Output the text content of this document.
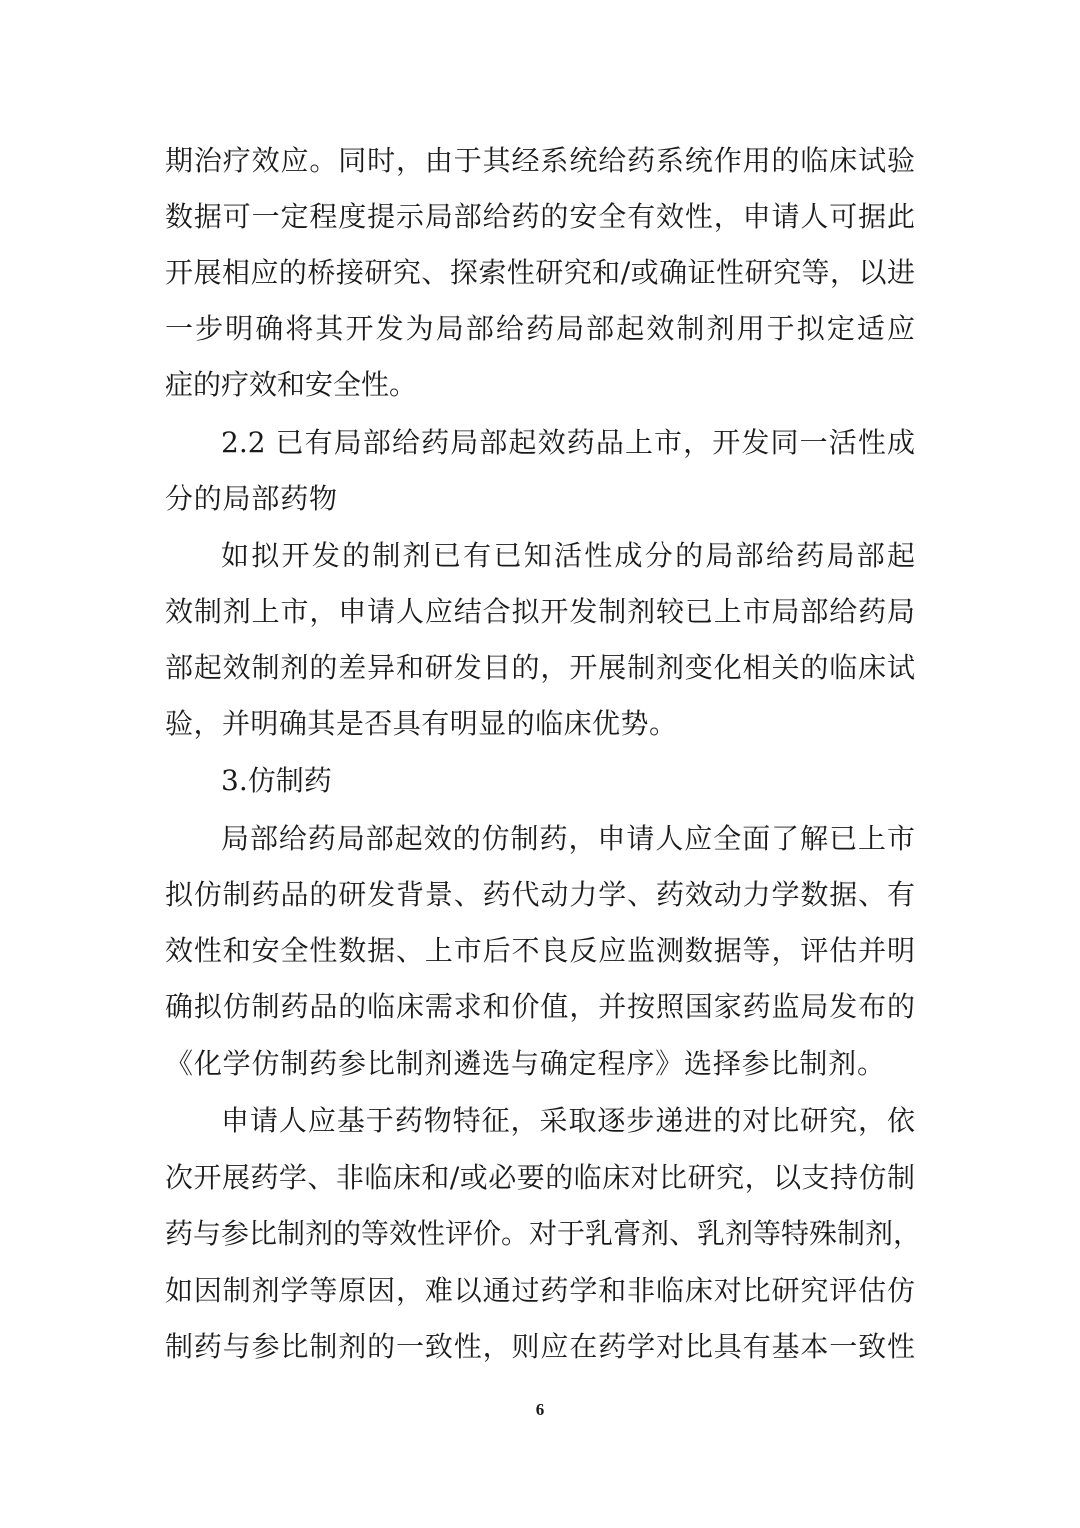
期治疗效应。同时，由于其经系统给药系统作用的临床试验
数据可一定程度提示局部给药的安全有效性，申请人可据此
开展相应的桥接研究、探索性研究和/或确证性研究等，以进
一步明确将其开发为局部给药局部起效制剂用于拟定适应
症的疗效和安全性。
2.2 已有局部给药局部起效药品上市，开发同一活性成
分的局部药物
如拟开发的制剂已有已知活性成分的局部给药局部起
效制剂上市，申请人应结合拟开发制剂较已上市局部给药局
部起效制剂的差异和研发目的，开展制剂变化相关的临床试
验，并明确其是否具有明显的临床优势。
3.仿制药
局部给药局部起效的仿制药，申请人应全面了解已上市
拟仿制药品的研发背景、药代动力学、药效动力学数据、有
效性和安全性数据、上市后不良反应监测数据等，评估并明
确拟仿制药品的临床需求和价值，并按照国家药监局发布的
《化学仿制药参比制剂遴选与确定程序》选择参比制剂。
申请人应基于药物特征，采取逐步递进的对比研究，依
次开展药学、非临床和/或必要的临床对比研究，以支持仿制
药与参比制剂的等效性评价。对于乳膏剂、乳剂等特殊制剂，
如因制剂学等原因，难以通过药学和非临床对比研究评估仿
制药与参比制剂的一致性，则应在药学对比具有基本一致性
6
